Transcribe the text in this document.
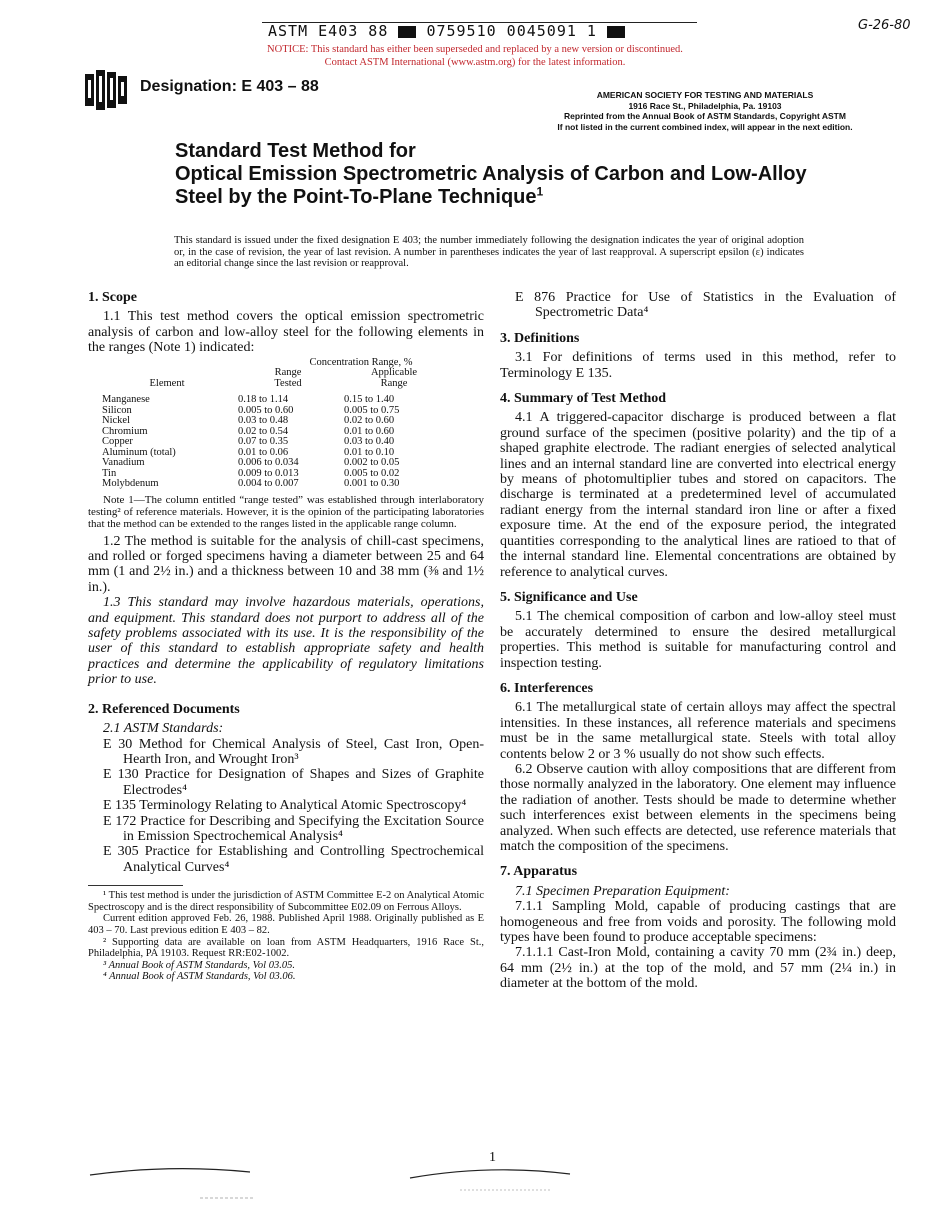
ASTM E403 88	0759510 0045091 1	G-26-80
NOTICE: This standard has either been superseded and replaced by a new version or discontinued.
Contact ASTM International (www.astm.org) for the latest information.
Designation: E 403 – 88	AMERICAN SOCIETY FOR TESTING AND MATERIALS
1916 Race St., Philadelphia, Pa. 19103
Reprinted from the Annual Book of ASTM Standards, Copyright ASTM
If not listed in the current combined index, will appear in the next edition.
Standard Test Method for
Optical Emission Spectrometric Analysis of Carbon and Low-Alloy Steel by the Point-To-Plane Technique$^1$
This standard is issued under the fixed designation E 403; the number immediately following the designation indicates the year of original adoption or, in the case of revision, the year of last revision. A number in parentheses indicates the year of last reapproval. A superscript epsilon (ε) indicates an editorial change since the last revision or reapproval.

1. Scope

1.1 This test method covers the optical emission spectrometric analysis of carbon and low-alloy steel for the following elements in the ranges (Note 1) indicated:

	Concentration Range, %	
	Range	Applicable
Element	Tested	Range
Manganese	0.18 to 1.14	0.15 to 1.40
Silicon	0.005 to 0.60	0.005 to 0.75
Nickel	0.03 to 0.48	0.02 to 0.60
Chromium	0.02 to 0.54	0.01 to 0.60
Copper	0.07 to 0.35	0.03 to 0.40
Aluminum (total)	0.01 to 0.06	0.01 to 0.10
Vanadium	0.006 to 0.034	0.002 to 0.05
Tin	0.009 to 0.013	0.005 to 0.02
Molybdenum	0.004 to 0.007	0.001 to 0.30

Note 1—The column entitled “range tested” was established through interlaboratory testing² of reference materials. However, it is the opinion of the participating laboratories that the method can be extended to the ranges listed in the applicable range column.

1.2 The method is suitable for the analysis of chill-cast specimens, and rolled or forged specimens having a diameter between 25 and 64 mm (1 and 2½ in.) and a thickness between 10 and 38 mm (⅜ and 1½ in.).

1.3 This standard may involve hazardous materials, operations, and equipment. This standard does not purport to address all of the safety problems associated with its use. It is the responsibility of the user of this standard to establish appropriate safety and health practices and determine the applicability of regulatory limitations prior to use.

2. Referenced Documents

2.1 ASTM Standards:

E 30 Method for Chemical Analysis of Steel, Cast Iron, Open-Hearth Iron, and Wrought Iron³

E 130 Practice for Designation of Shapes and Sizes of Graphite Electrodes⁴

E 135 Terminology Relating to Analytical Atomic Spectroscopy⁴

E 172 Practice for Describing and Specifying the Excitation Source in Emission Spectrochemical Analysis⁴

E 305 Practice for Establishing and Controlling Spectrochemical Analytical Curves⁴

¹ This test method is under the jurisdiction of ASTM Committee E-2 on Analytical Atomic Spectroscopy and is the direct responsibility of Subcommittee E02.09 on Ferrous Alloys.

Current edition approved Feb. 26, 1988. Published April 1988. Originally published as E 403 – 70. Last previous edition E 403 – 82.

² Supporting data are available on loan from ASTM Headquarters, 1916 Race St., Philadelphia, PA 19103. Request RR:E02-1002.

³ Annual Book of ASTM Standards, Vol 03.05.

⁴ Annual Book of ASTM Standards, Vol 03.06.

E 876 Practice for Use of Statistics in the Evaluation of Spectrometric Data⁴

3. Definitions

3.1 For definitions of terms used in this method, refer to Terminology E 135.

4. Summary of Test Method

4.1 A triggered-capacitor discharge is produced between a flat ground surface of the specimen (positive polarity) and the tip of a shaped graphite electrode. The radiant energies of selected analytical lines and an internal standard line are converted into electrical energy by means of photomultiplier tubes and stored on capacitors. The discharge is terminated at a predetermined level of accumulated radiant energy from the internal standard iron line or after a fixed exposure time. At the end of the exposure period, the integrated quantities corresponding to the analytical lines are ratioed to that of the internal standard line. Elemental concentrations are obtained by reference to analytical curves.

5. Significance and Use

5.1 The chemical composition of carbon and low-alloy steel must be accurately determined to ensure the desired metallurgical properties. This method is suitable for manufacturing control and inspection testing.

6. Interferences

6.1 The metallurgical state of certain alloys may affect the spectral intensities. In these instances, all reference materials and specimens must be in the same metallurgical state. Steels with total alloy contents below 2 or 3 % usually do not show such effects.

6.2 Observe caution with alloy compositions that are different from those normally analyzed in the laboratory. One element may influence the radiation of another. Tests should be made to determine whether such interferences exist between elements in the specimens being analyzed. When such effects are detected, use reference materials that match the composition of the specimens.

7. Apparatus

7.1 Specimen Preparation Equipment:

7.1.1 Sampling Mold, capable of producing castings that are homogeneous and free from voids and porosity. The following mold types have been found to produce acceptable specimens:

7.1.1.1 Cast-Iron Mold, containing a cavity 70 mm (2¾ in.) deep, 64 mm (2½ in.) at the top of the mold, and 57 mm (2¼ in.) in diameter at the bottom of the mold.

1
